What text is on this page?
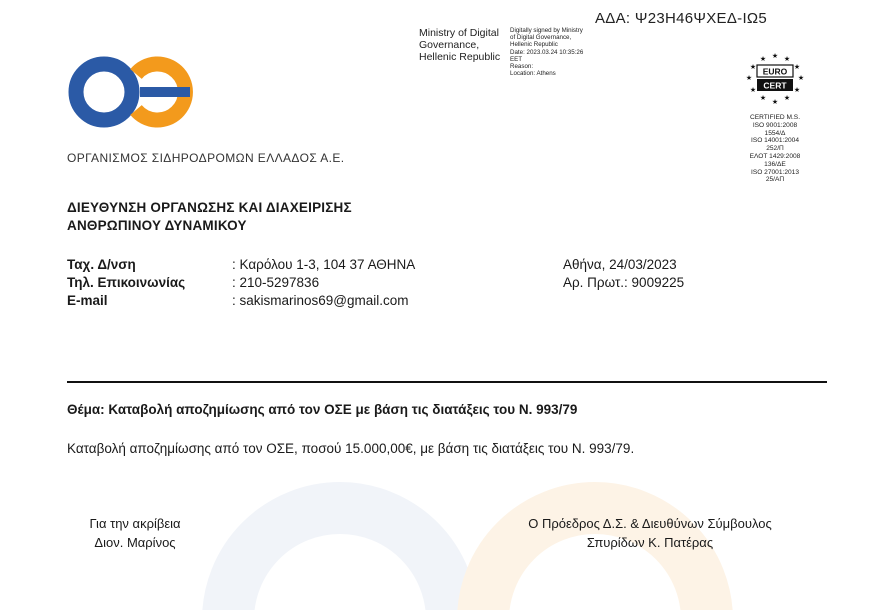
ΟΡΓΑΝΙΣΜΟΣ ΣΙΔΗΡΟΔΡΟΜΩΝ ΕΛΛΑΔΟΣ Α.Ε.
ΑΔΑ: Ψ23Η46ΨΧΕΔ-ΙΩ5
Ministry of Digital
Governance,
Hellenic Republic
Digitally signed by Ministry
of Digital Governance,
Hellenic Republic
Date: 2023.03.24 10:35:26
EET
Reason:
Location: Athens
★ ★
★
★
★
★
★
★
★
★
★ ★
EURO
CERT
CERTIFIED M.S.
ISO 9001:2008
1554/Δ
ISO 14001:2004
252/Π
ΕΛΟΤ 1429:2008
136/ΔΕ
ISO 27001:2013
25/ΑΠ
ΔΙΕΥΘΥΝΣΗ ΟΡΓΑΝΩΣΗΣ ΚΑΙ ΔΙΑΧΕΙΡΙΣΗΣ
ΑΝΘΡΩΠΙΝΟΥ ΔΥΝΑΜΙΚΟΥ
Ταχ. Δ/νση	: Καρόλου 1-3, 104 37 ΑΘΗΝΑ
Τηλ. Επικοινωνίας	: 210-5297836
E-mail	: sakismarinos69@gmail.com
Αθήνα, 24/03/2023
Αρ. Πρωτ.: 9009225
Θέμα: Καταβολή αποζημίωσης από τον ΟΣΕ με βάση τις διατάξεις του Ν. 993/79
Καταβολή αποζημίωσης από τον ΟΣΕ, ποσού 15.000,00€, με βάση τις διατάξεις του Ν. 993/79.
Για την ακρίβεια
Διον. Μαρίνος
Ο Πρόεδρος Δ.Σ. & Διευθύνων Σύμβουλος
Σπυρίδων Κ. Πατέρας
